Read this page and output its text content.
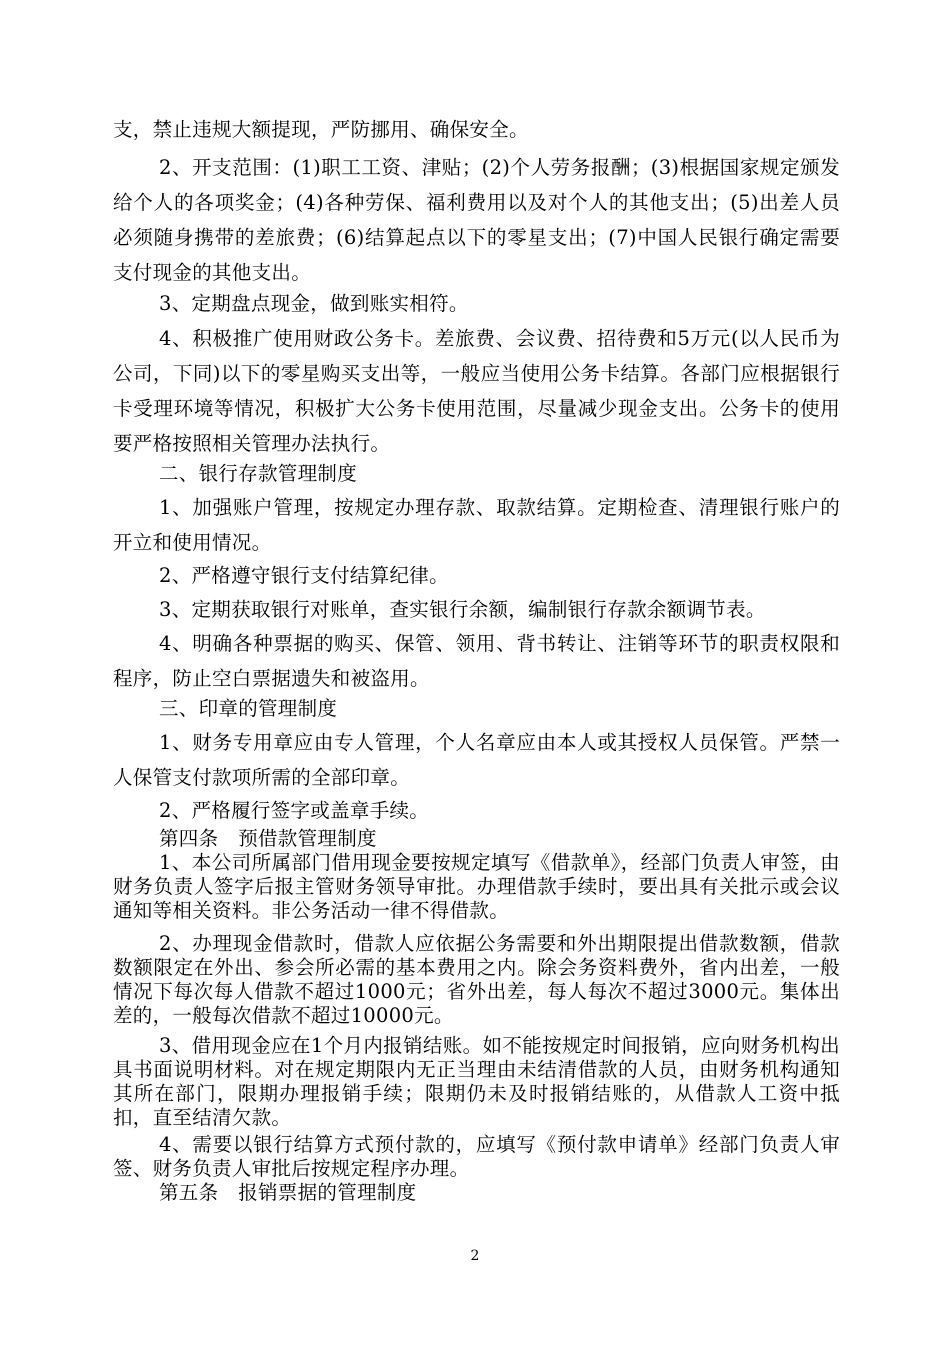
支，禁止违规大额提现，严防挪用、确保安全。

2、开支范围：(1)职工工资、津贴；(2)个人劳务报酬；(3)根据国家规定颁发给个人的各项奖金；(4)各种劳保、福利费用以及对个人的其他支出；(5)出差人员必须随身携带的差旅费；(6)结算起点以下的零星支出；(7)中国人民银行确定需要支付现金的其他支出。

3、定期盘点现金，做到账实相符。

4、积极推广使用财政公务卡。差旅费、会议费、招待费和5万元(以人民币为公司，下同)以下的零星购买支出等，一般应当使用公务卡结算。各部门应根据银行卡受理环境等情况，积极扩大公务卡使用范围，尽量减少现金支出。公务卡的使用要严格按照相关管理办法执行。

二、银行存款管理制度

1、加强账户管理，按规定办理存款、取款结算。定期检查、清理银行账户的开立和使用情况。

2、严格遵守银行支付结算纪律。

3、定期获取银行对账单，查实银行余额，编制银行存款余额调节表。

4、明确各种票据的购买、保管、领用、背书转让、注销等环节的职责权限和程序，防止空白票据遗失和被盗用。

三、印章的管理制度

1、财务专用章应由专人管理，个人名章应由本人或其授权人员保管。严禁一人保管支付款项所需的全部印章。

2、严格履行签字或盖章手续。

第四条　预借款管理制度

1、本公司所属部门借用现金要按规定填写《借款单》，经部门负责人审签，由财务负责人签字后报主管财务领导审批。办理借款手续时，要出具有关批示或会议通知等相关资料。非公务活动一律不得借款。

2、办理现金借款时，借款人应依据公务需要和外出期限提出借款数额，借款数额限定在外出、参会所必需的基本费用之内。除会务资料费外，省内出差，一般情况下每次每人借款不超过1000元；省外出差，每人每次不超过3000元。集体出差的，一般每次借款不超过10000元。

3、借用现金应在1个月内报销结账。如不能按规定时间报销，应向财务机构出具书面说明材料。对在规定期限内无正当理由未结清借款的人员，由财务机构通知其所在部门，限期办理报销手续；限期仍未及时报销结账的，从借款人工资中抵扣，直至结清欠款。

4、需要以银行结算方式预付款的，应填写《预付款申请单》经部门负责人审签、财务负责人审批后按规定程序办理。

第五条　报销票据的管理制度

2
